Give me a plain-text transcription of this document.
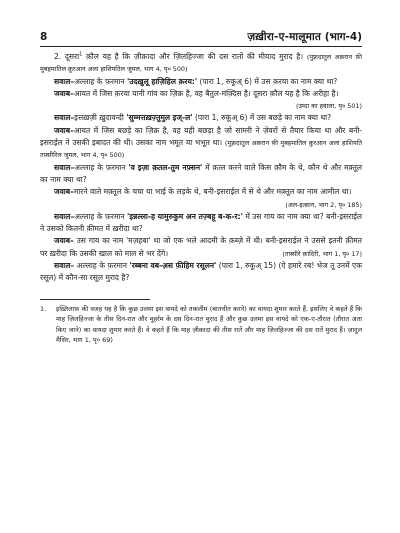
8	ज़ख़ीरा-ए-मालूमात (भाग-4)

2. दूसरा$^1$ क़ौल यह है कि ज़ीक़ादा और ज़िलहिज्जा की दस रातों की मीयाद मुराद है। (मुफ़्रदातुल अक़रान फ़ी मुबहमातिल क़ुरआन अला हाशियतिल जुमल, भाग 4, पृ० 500)

सवाल–अल्लाह के फ़रमान 'उदख़ुलू हाज़िहिल क़रय:' (पारा 1, रुकूअ् 6) में उस क़रया का नाम क्या था?

जवाब–आयत में जिस क़रया यानी गांव का ज़िक्र है, वह बैतुल-मक़्दिस है। दूसरा क़ौल यह है कि अरीहा है।
(उम्दा का हवाला, पृ० 501)

सवाल–इत्तख़ज़ी ख़ुदावन्दी 'सुम्मत्तख़ज़्तुमुल इज्-ल' (पारा 1, रुकूअ् 6) में उस बछड़े का नाम क्या था?

जवाब–आयत में जिस बछड़े का ज़िक्र है, वह यही बछड़ा है जो सामरी ने ज़ेवरों से तैयार किया था और बनी-इसराईल ने उसकी इबादत की थी। उसका नाम भमूत या भभूत था। (मुफ़्रदातुल अक़रान फ़ी मुबहमातिल क़ुरआन अला हाशियति तफ़्सीरिल जुमल, भाग 4, पृ० 500)

सवाल–अल्लाह के फ़रमान 'व इज़ा क़तल-तुम नफ़्सन' में क़त्ल करने वाले किस क़ौम के थे, कौन थे और मक़्तूल का नाम क्या था?

जवाब–मारने वाले मक़्तूल के चचा या भाई के लड़के थे, बनी-इसराईल में से थे और मक़्तूल का नाम आमील था।
(अल-इत्क़ान, भाग 2, पृ० 185)

सवाल–अल्लाह के फ़रमान 'इन्नल्ला-ह यामुरुकुम अन तज़्बहू ब-क-र:' में उस गाय का नाम क्या था? बनी-इसराईल ने उसको कितनी क़ीमत में ख़रीदा था?

जवाब– उस गाय का नाम 'मज़हबा' था जो एक भले आदमी के क़ब्ज़े में थी। बनी-इसराईल ने उससे इतनी क़ीमत पर ख़रीदा कि उसकी खाल को माल से भर देंगे।	(तफ़्सीरे क़ादिरी, भाग 1, पृ० 17)

सवाल– अल्लाह के फ़रमान 'रब्बना वब-अ़स फ़ीहिम रसूलन' (पारा 1, रुकूअ् 15) (ऐ हमारे रब! भेज तू उनमें एक रसूल) में कौन-सा रसूल मुराद है?

1.	इख़्तिलाफ़ की वजह यह है कि कुछ उलमा इस वायदे को तकलीम (बातचीत करने) का वायदा शुमार करते हैं, इसलिए वे कहते हैं कि माह ज़िलहिज्जा के तीस दिन-रात और मुहर्रम के दस दिन-रात मुराद हैं और कुछ उलमा इस वायदे को एक-ए-तौरात (तौरात अता किए जाने) का वायदा शुमार करते हैं। वे कहते हैं कि माह ज़ीक़ादा की तीस रातें और माह ज़िलहिज्जा की दस रातें मुराद हैं। ज़ादुल मैसिर, भाग 1, पृ० 69)
